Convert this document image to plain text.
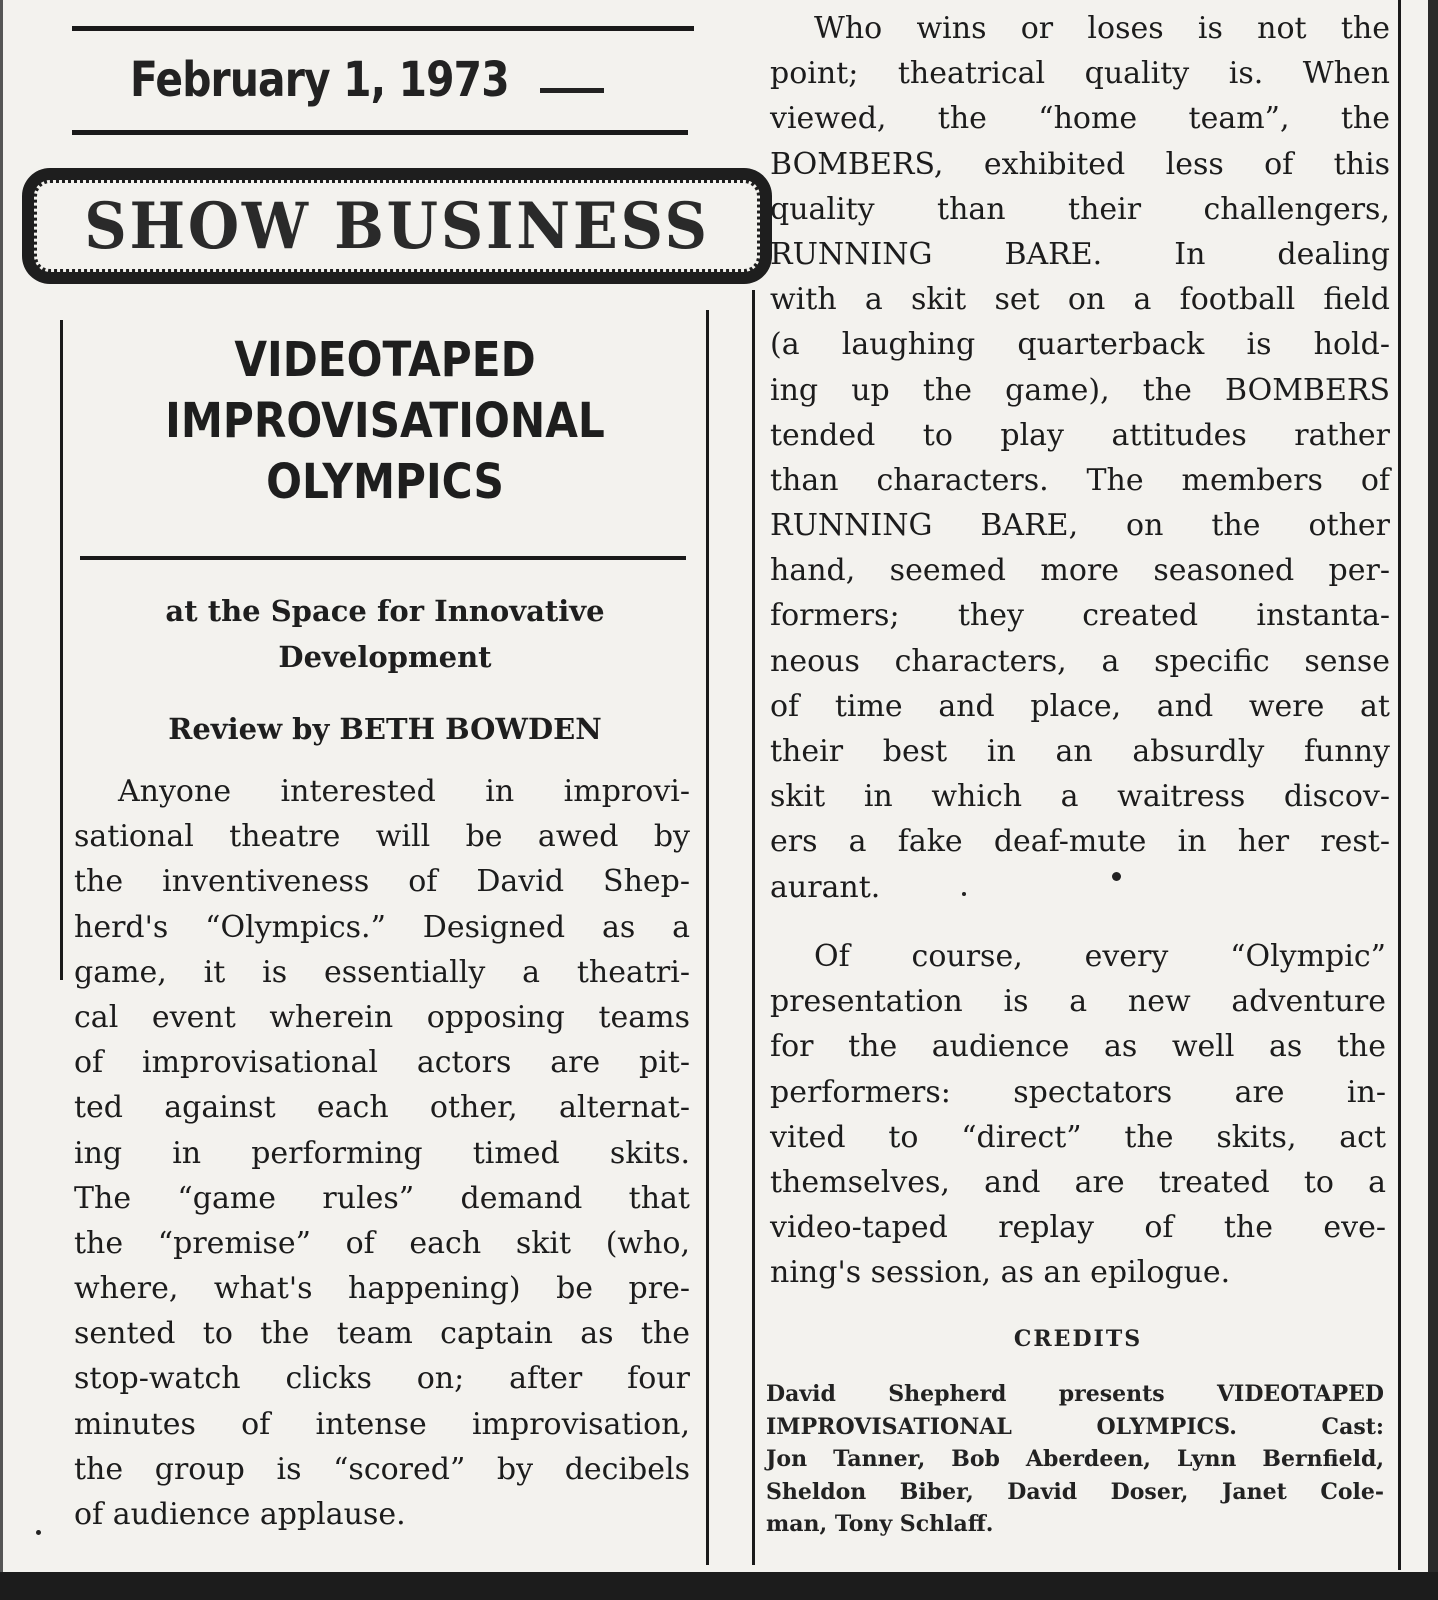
February 1, 1973
SHOW BUSINESS
VIDEOTAPED
IMPROVISATIONAL
OLYMPICS
at the Space for Innovative
Development
Review by BETH BOWDEN
Anyone interested in improvi-
sational theatre will be awed by
the inventiveness of David Shep-
herd's “Olympics.” Designed as a
game, it is essentially a theatri-
cal event wherein opposing teams
of improvisational actors are pit-
ted against each other, alternat-
ing in performing timed skits.
The “game rules” demand that
the “premise” of each skit (who,
where, what's happening) be pre-
sented to the team captain as the
stop-watch clicks on; after four
minutes of intense improvisation,
the group is “scored” by decibels
of audience applause.
Who wins or loses is not the
point; theatrical quality is. When
viewed, the “home team”, the
BOMBERS, exhibited less of this
quality than their challengers,
RUNNING BARE. In dealing
with a skit set on a football field
(a laughing quarterback is hold-
ing up the game), the BOMBERS
tended to play attitudes rather
than characters. The members of
RUNNING BARE, on the other
hand, seemed more seasoned per-
formers; they created instanta-
neous characters, a specific sense
of time and place, and were at
their best in an absurdly funny
skit in which a waitress discov-
ers a fake deaf-mute in her rest-
aurant.
Of course, every “Olympic”
presentation is a new adventure
for the audience as well as the
performers: spectators are in-
vited to “direct” the skits, act
themselves, and are treated to a
video-taped replay of the eve-
ning's session, as an epilogue.
CREDITS
David Shepherd presents VIDEOTAPED
IMPROVISATIONAL OLYMPICS. Cast:
Jon Tanner, Bob Aberdeen, Lynn Bernfield,
Sheldon Biber, David Doser, Janet Cole-
man, Tony Schlaff.
